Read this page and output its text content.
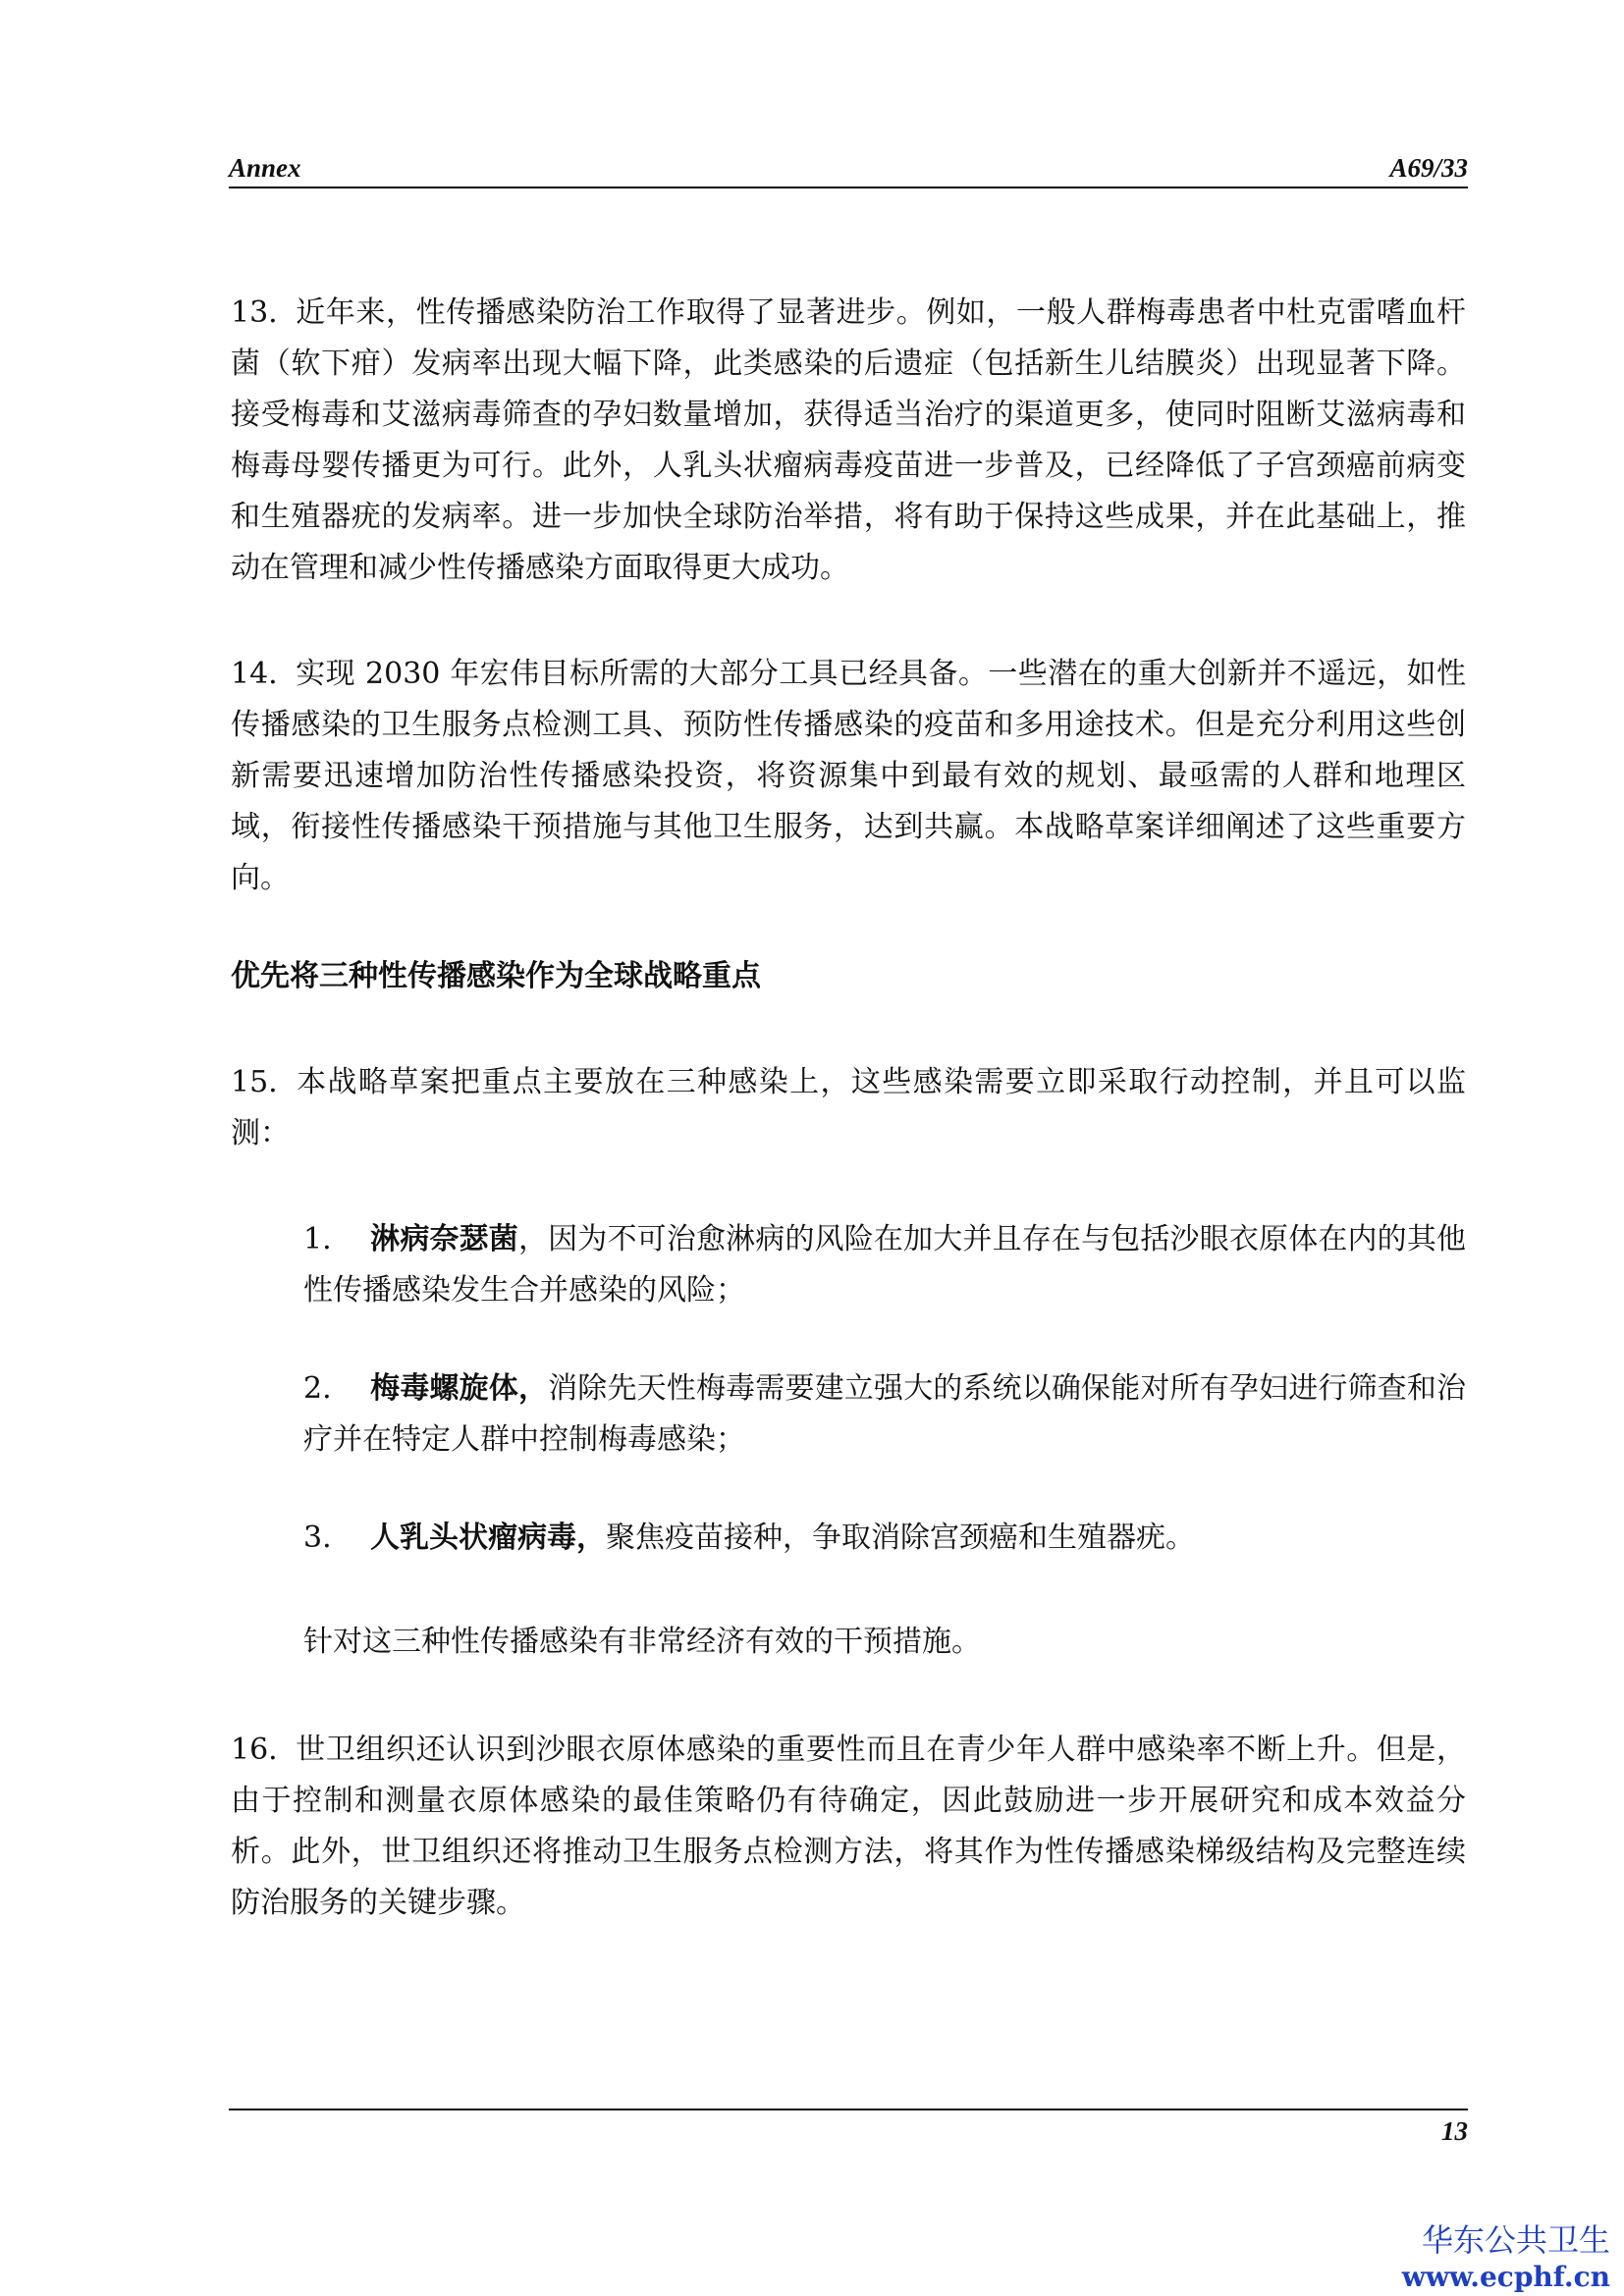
Annex	A69/33

13. 近年来，性传播感染防治工作取得了显著进步。例如，一般人群梅毒患者中杜克雷嗜血杆菌（软下疳）发病率出现大幅下降，此类感染的后遗症（包括新生儿结膜炎）出现显著下降。接受梅毒和艾滋病毒筛查的孕妇数量增加，获得适当治疗的渠道更多，使同时阻断艾滋病毒和梅毒母婴传播更为可行。此外，人乳头状瘤病毒疫苗进一步普及，已经降低了子宫颈癌前病变和生殖器疣的发病率。进一步加快全球防治举措，将有助于保持这些成果，并在此基础上，推动在管理和减少性传播感染方面取得更大成功。

14. 实现 2030 年宏伟目标所需的大部分工具已经具备。一些潜在的重大创新并不遥远，如性传播感染的卫生服务点检测工具、预防性传播感染的疫苗和多用途技术。但是充分利用这些创新需要迅速增加防治性传播感染投资，将资源集中到最有效的规划、最亟需的人群和地理区域，衔接性传播感染干预措施与其他卫生服务，达到共赢。本战略草案详细阐述了这些重要方向。

优先将三种性传播感染作为全球战略重点

15. 本战略草案把重点主要放在三种感染上，这些感染需要立即采取行动控制，并且可以监测：

1. 淋病奈瑟菌，因为不可治愈淋病的风险在加大并且存在与包括沙眼衣原体在内的其他性传播感染发生合并感染的风险；

2. 梅毒螺旋体，消除先天性梅毒需要建立强大的系统以确保能对所有孕妇进行筛查和治疗并在特定人群中控制梅毒感染；

3. 人乳头状瘤病毒，聚焦疫苗接种，争取消除宫颈癌和生殖器疣。

针对这三种性传播感染有非常经济有效的干预措施。

16. 世卫组织还认识到沙眼衣原体感染的重要性而且在青少年人群中感染率不断上升。但是，由于控制和测量衣原体感染的最佳策略仍有待确定，因此鼓励进一步开展研究和成本效益分析。此外，世卫组织还将推动卫生服务点检测方法，将其作为性传播感染梯级结构及完整连续防治服务的关键步骤。

13
华东公共卫生
www.ecphf.cn
